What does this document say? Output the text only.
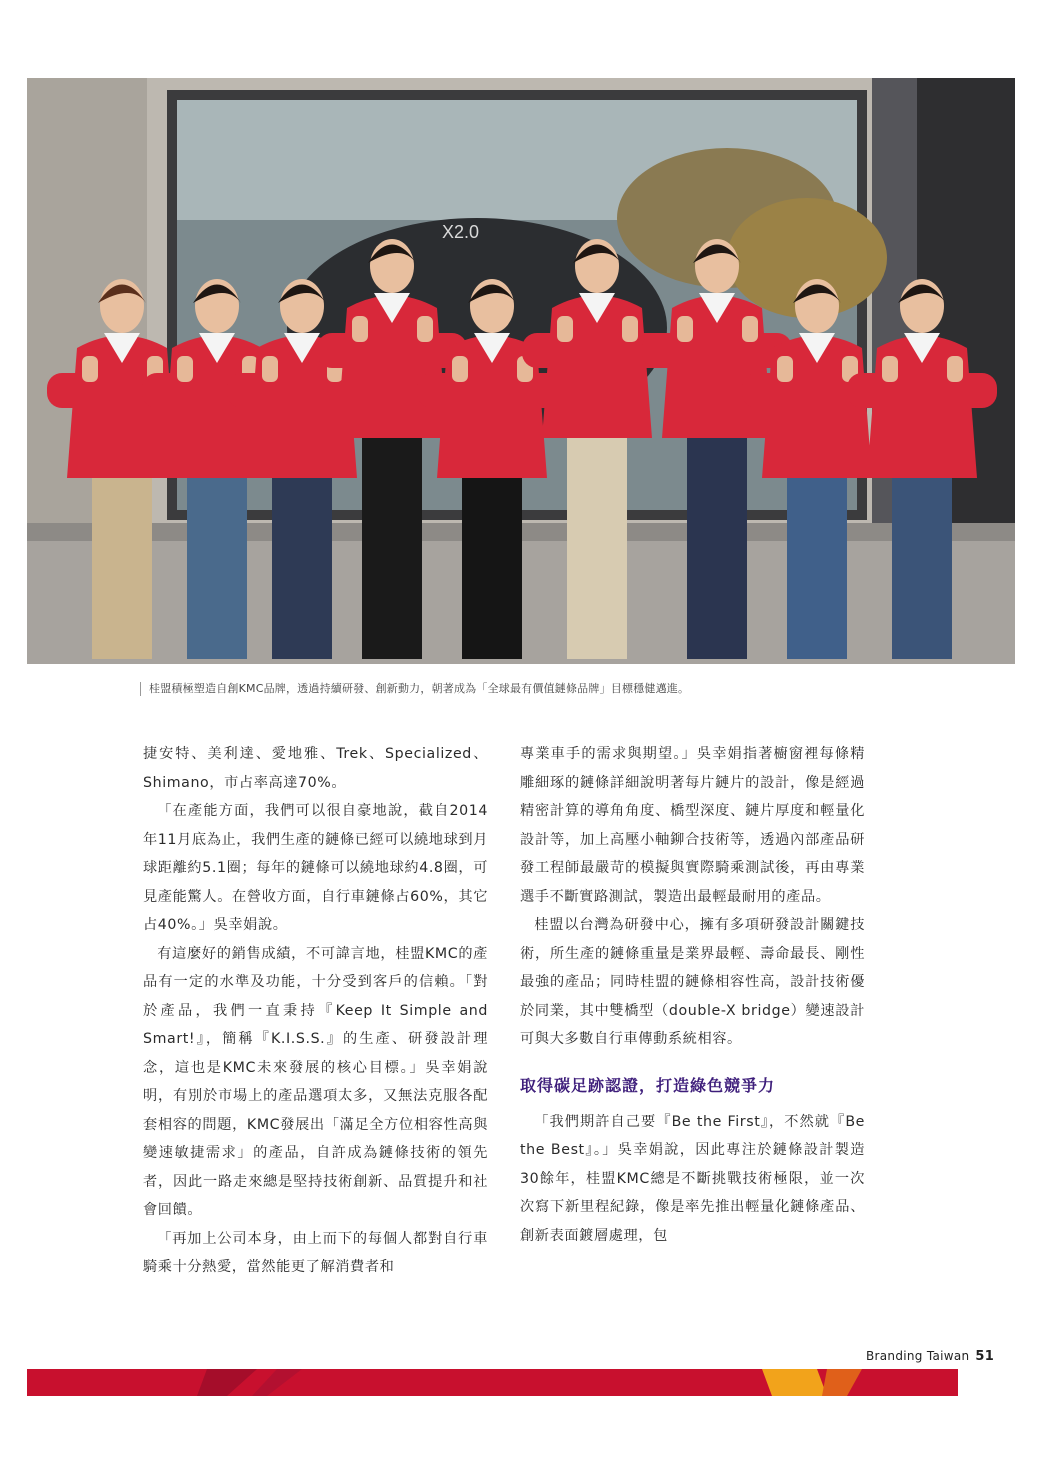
X2.0
桂盟積極塑造自創KMC品牌，透過持續研發、創新動力，朝著成為「全球最有價值鏈條品牌」目標穩健邁進。

捷安特、美利達、愛地雅、Trek、Specialized、Shimano，市占率高達70%。

「在產能方面，我們可以很自豪地說，截自2014年11月底為止，我們生產的鏈條已經可以繞地球到月球距離約5.1圈；每年的鏈條可以繞地球約4.8圈，可見產能驚人。在營收方面，自行車鏈條占60%，其它占40%。」吳幸娟說。

有這麼好的銷售成績，不可諱言地，桂盟KMC的產品有一定的水準及功能，十分受到客戶的信賴。「對於產品，我們一直秉持『Keep It Simple and Smart!』，簡稱『K.I.S.S.』的生產、研發設計理念，這也是KMC未來發展的核心目標。」吳幸娟說明，有別於市場上的產品選項太多，又無法克服各配套相容的問題，KMC發展出「滿足全方位相容性高與變速敏捷需求」的產品，自許成為鏈條技術的領先者，因此一路走來總是堅持技術創新、品質提升和社會回饋。

「再加上公司本身，由上而下的每個人都對自行車騎乘十分熱愛，當然能更了解消費者和

專業車手的需求與期望。」吳幸娟指著櫥窗裡每條精雕細琢的鏈條詳細說明著每片鏈片的設計，像是經過精密計算的導角角度、橋型深度、鏈片厚度和輕量化設計等，加上高壓小軸鉚合技術等，透過內部產品研發工程師最嚴苛的模擬與實際騎乘測試後，再由專業選手不斷實路測試，製造出最輕最耐用的產品。

桂盟以台灣為研發中心，擁有多項研發設計關鍵技術，所生產的鏈條重量是業界最輕、壽命最長、剛性最強的產品；同時桂盟的鏈條相容性高，設計技術優於同業，其中雙橋型（double-X bridge）變速設計可與大多數自行車傳動系統相容。

取得碳足跡認證，打造綠色競爭力

「我們期許自己要『Be the First』，不然就『Be the Best』。」吳幸娟說，因此專注於鏈條設計製造30餘年，桂盟KMC總是不斷挑戰技術極限，並一次次寫下新里程紀錄，像是率先推出輕量化鏈條產品、創新表面鍍層處理，包

Branding Taiwan 51
